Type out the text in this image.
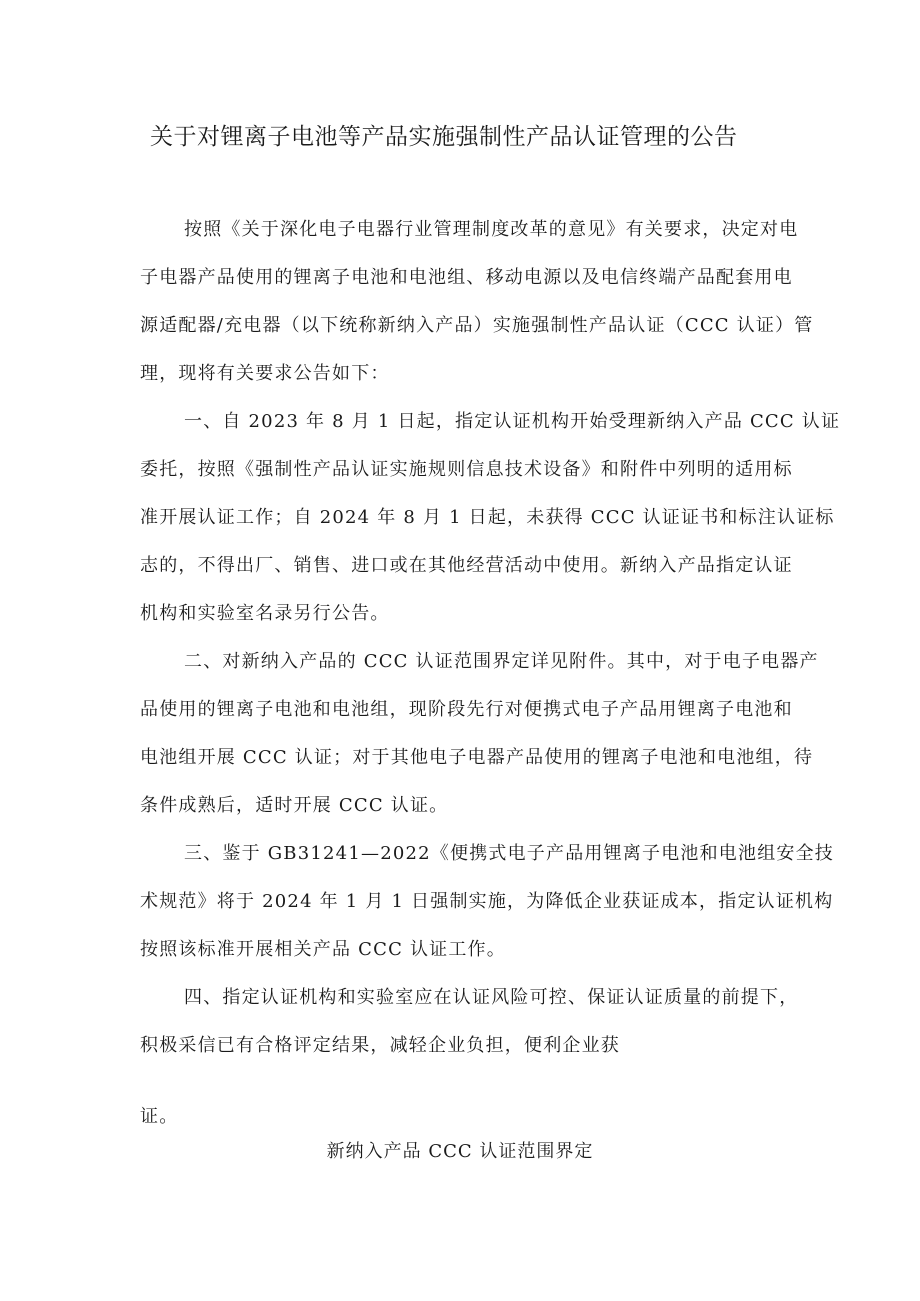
关于对锂离子电池等产品实施强制性产品认证管理的公告

按照《关于深化电子电器行业管理制度改革的意见》有关要求，决定对电
子电器产品使用的锂离子电池和电池组、移动电源以及电信终端产品配套用电
源适配器/充电器（以下统称新纳入产品）实施强制性产品认证（CCC 认证）管
理，现将有关要求公告如下：

一、自 2023 年 8 月 1 日起，指定认证机构开始受理新纳入产品 CCC 认证
委托，按照《强制性产品认证实施规则信息技术设备》和附件中列明的适用标
准开展认证工作；自 2024 年 8 月 1 日起，未获得 CCC 认证证书和标注认证标
志的，不得出厂、销售、进口或在其他经营活动中使用。新纳入产品指定认证
机构和实验室名录另行公告。

二、对新纳入产品的 CCC 认证范围界定详见附件。其中，对于电子电器产
品使用的锂离子电池和电池组，现阶段先行对便携式电子产品用锂离子电池和
电池组开展 CCC 认证；对于其他电子电器产品使用的锂离子电池和电池组，待
条件成熟后，适时开展 CCC 认证。

三、鉴于 GB31241—2022《便携式电子产品用锂离子电池和电池组安全技
术规范》将于 2024 年 1 月 1 日强制实施，为降低企业获证成本，指定认证机构
按照该标准开展相关产品 CCC 认证工作。

四、指定认证机构和实验室应在认证风险可控、保证认证质量的前提下，
积极采信已有合格评定结果，减轻企业负担，便利企业获

证。

新纳入产品 CCC 认证范围界定
